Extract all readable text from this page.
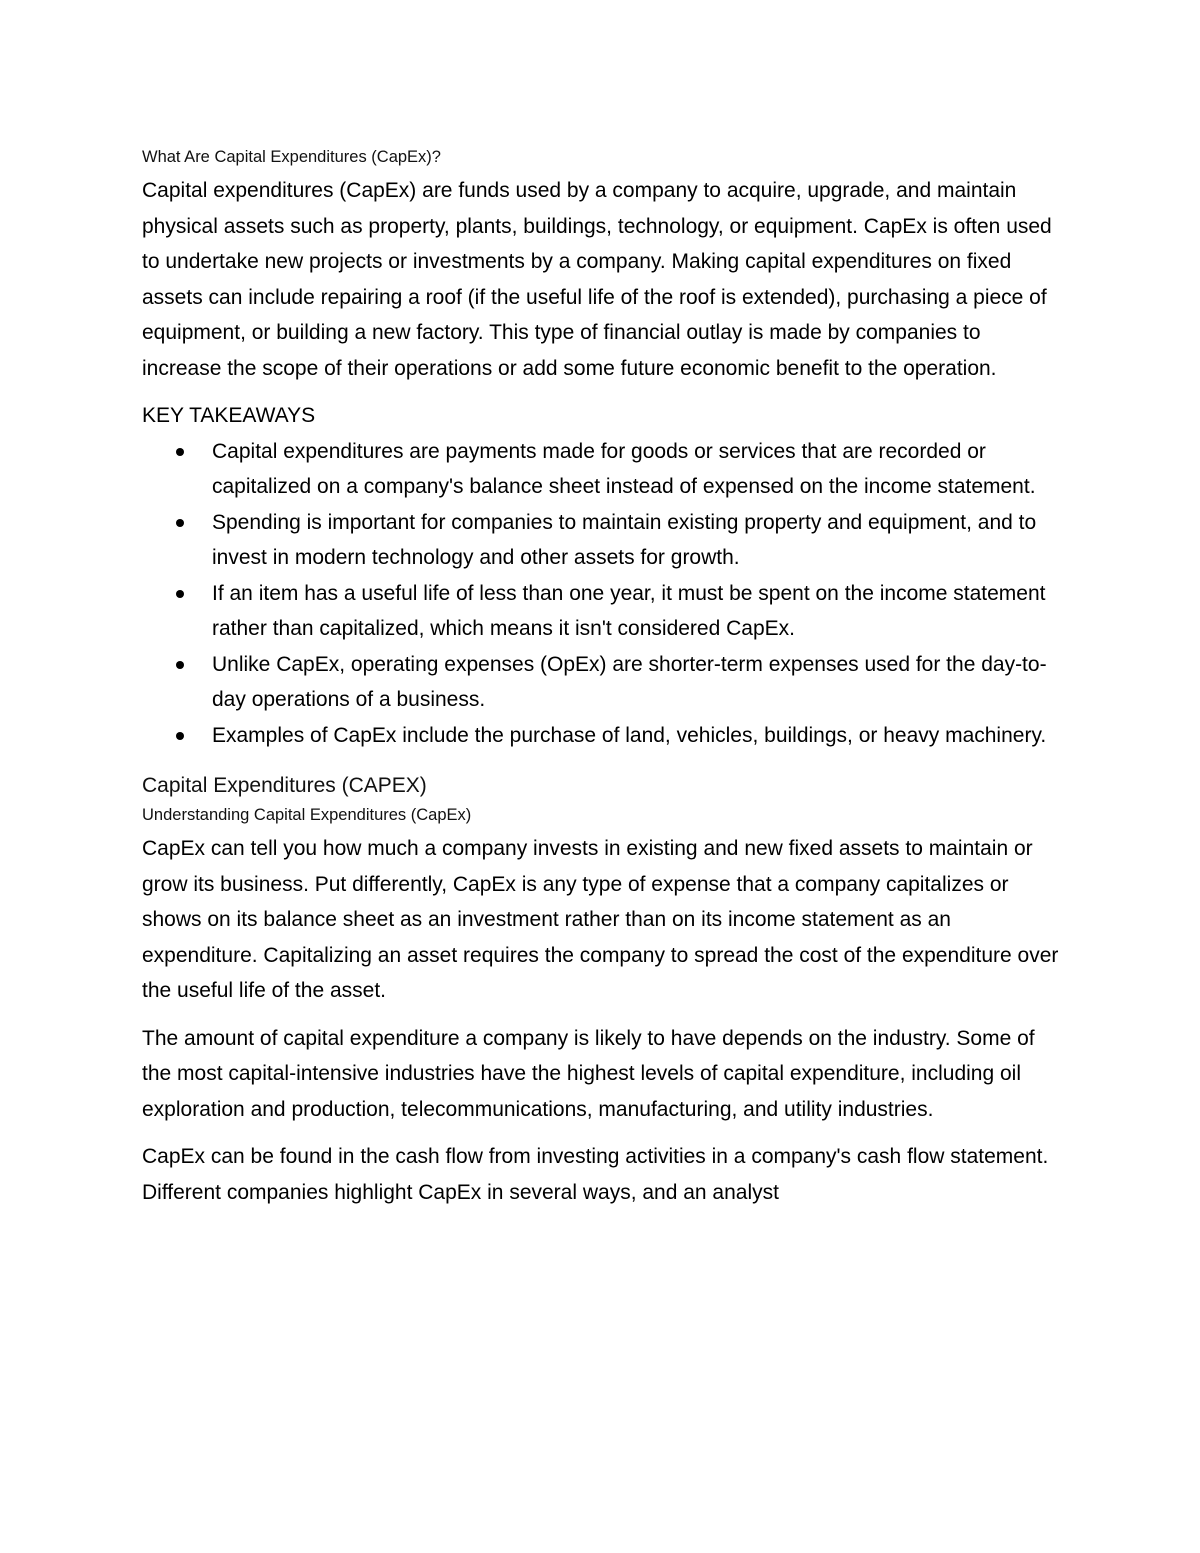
What Are Capital Expenditures (CapEx)?

Capital expenditures (CapEx) are funds used by a company to acquire, upgrade, and maintain physical assets such as property, plants, buildings, technology, or equipment. CapEx is often used to undertake new projects or investments by a company. Making capital expenditures on fixed assets can include repairing a roof (if the useful life of the roof is extended), purchasing a piece of equipment, or building a new factory. This type of financial outlay is made by companies to increase the scope of their operations or add some future economic benefit to the operation.

KEY TAKEAWAYS
Capital expenditures are payments made for goods or services that are recorded or capitalized on a company's balance sheet instead of expensed on the income statement.
Spending is important for companies to maintain existing property and equipment, and to invest in modern technology and other assets for growth.
If an item has a useful life of less than one year, it must be spent on the income statement rather than capitalized, which means it isn't considered CapEx.
Unlike CapEx, operating expenses (OpEx) are shorter-term expenses used for the day-to-day operations of a business.
Examples of CapEx include the purchase of land, vehicles, buildings, or heavy machinery.
Capital Expenditures (CAPEX)
Understanding Capital Expenditures (CapEx)

CapEx can tell you how much a company invests in existing and new fixed assets to maintain or grow its business. Put differently, CapEx is any type of expense that a company capitalizes or shows on its balance sheet as an investment rather than on its income statement as an expenditure. Capitalizing an asset requires the company to spread the cost of the expenditure over the useful life of the asset.

The amount of capital expenditure a company is likely to have depends on the industry. Some of the most capital-intensive industries have the highest levels of capital expenditure, including oil exploration and production, telecommunications, manufacturing, and utility industries.

CapEx can be found in the cash flow from investing activities in a company's cash flow statement. Different companies highlight CapEx in several ways, and an analyst
